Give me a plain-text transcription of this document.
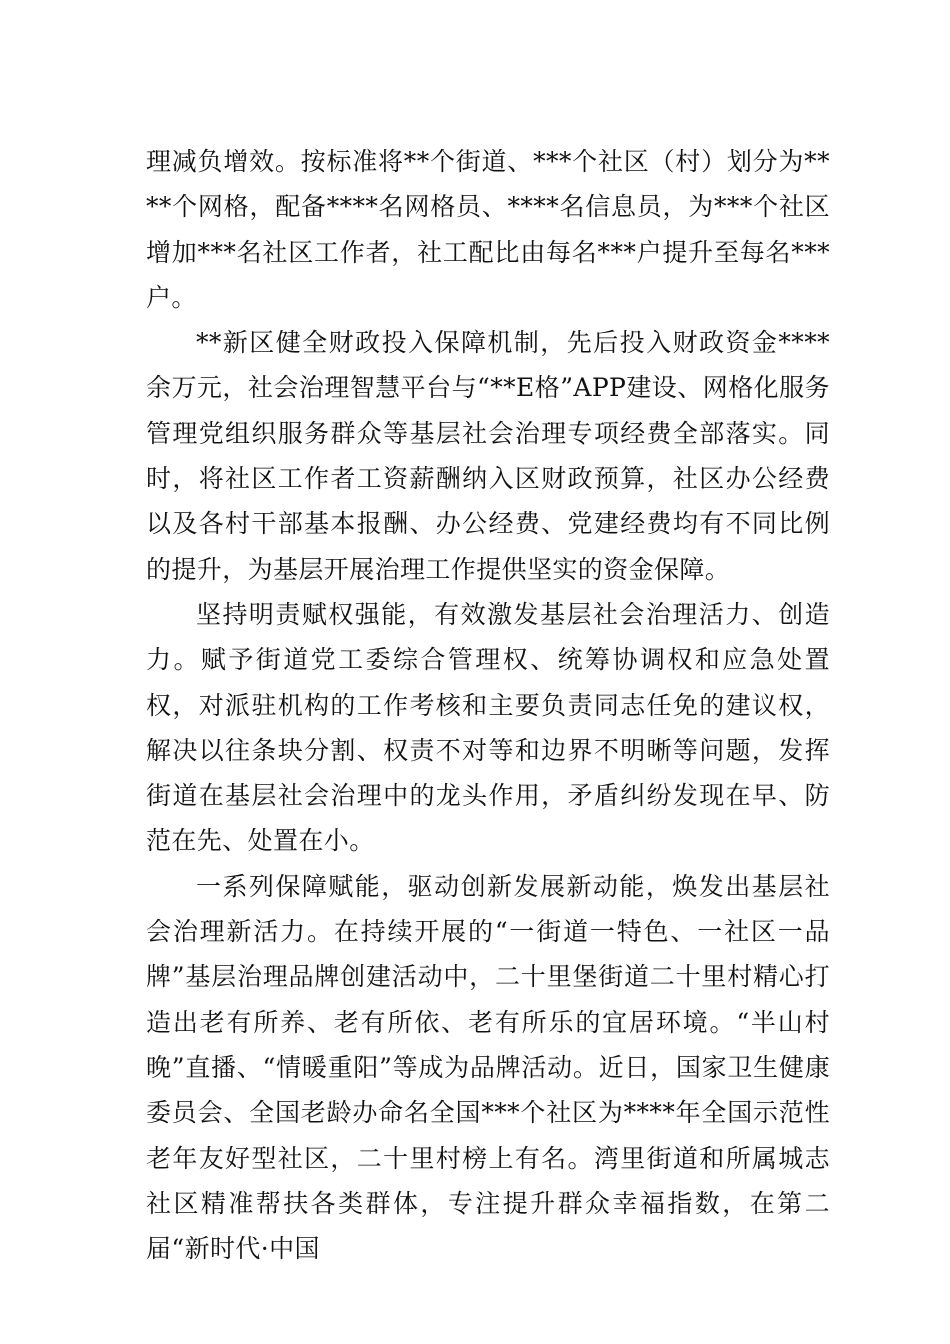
理减负增效。按标准将**个街道、***个社区（村）划分为****个网格，配备****名网格员、****名信息员，为***个社区增加***名社区工作者，社工配比由每名***户提升至每名***户。

**新区健全财政投入保障机制，先后投入财政资金****余万元，社会治理智慧平台与“**E格”APP建设、网格化服务管理党组织服务群众等基层社会治理专项经费全部落实。同时，将社区工作者工资薪酬纳入区财政预算，社区办公经费以及各村干部基本报酬、办公经费、党建经费均有不同比例的提升，为基层开展治理工作提供坚实的资金保障。

坚持明责赋权强能，有效激发基层社会治理活力、创造力。赋予街道党工委综合管理权、统筹协调权和应急处置权，对派驻机构的工作考核和主要负责同志任免的建议权，解决以往条块分割、权责不对等和边界不明晰等问题，发挥街道在基层社会治理中的龙头作用，矛盾纠纷发现在早、防范在先、处置在小。

一系列保障赋能，驱动创新发展新动能，焕发出基层社会治理新活力。在持续开展的“一街道一特色、一社区一品牌”基层治理品牌创建活动中，二十里堡街道二十里村精心打造出老有所养、老有所依、老有所乐的宜居环境。“半山村晚”直播、“情暖重阳”等成为品牌活动。近日，国家卫生健康委员会、全国老龄办命名全国***个社区为****年全国示范性老年友好型社区，二十里村榜上有名。湾里街道和所属城志社区精准帮扶各类群体，专注提升群众幸福指数，在第二届“新时代·中国
